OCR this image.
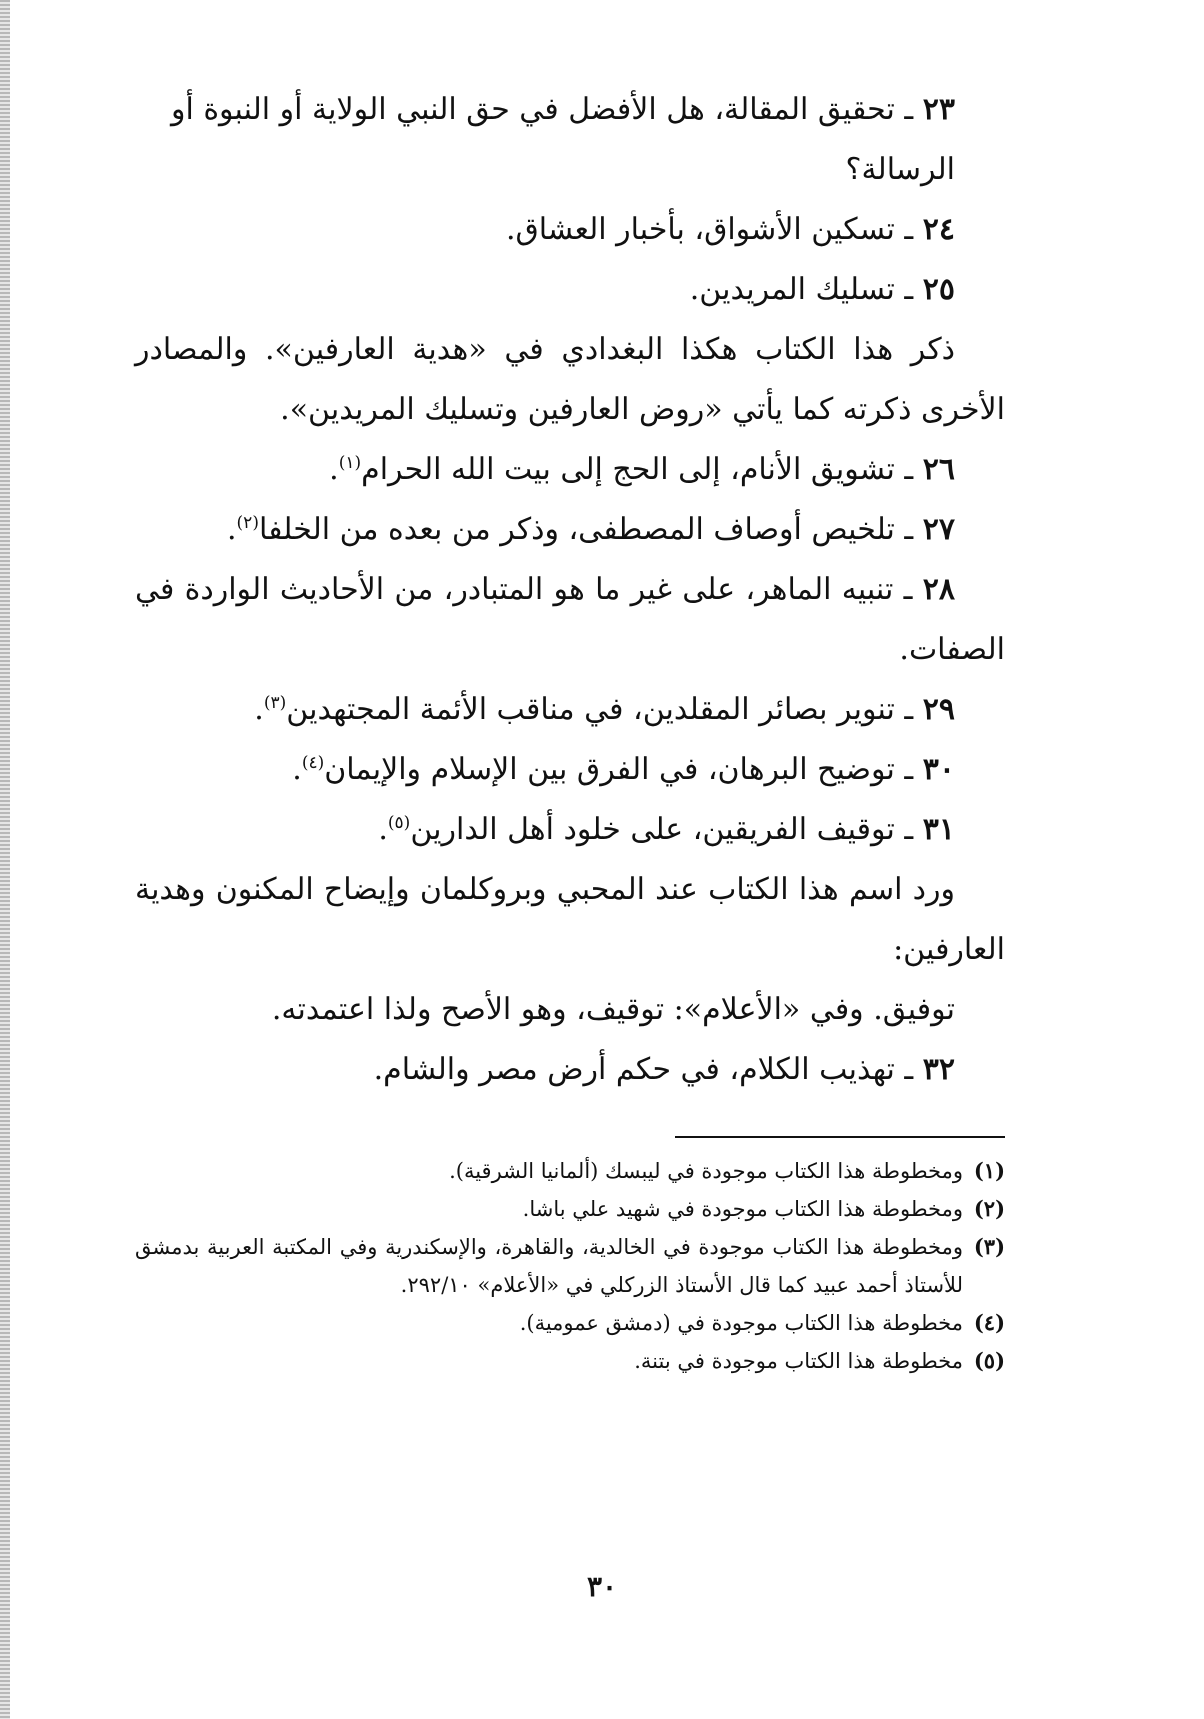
٢٣ ـ تحقيق المقالة، هل الأفضل في حق النبي الولاية أو النبوة أو الرسالة؟

٢٤ ـ تسكين الأشواق، بأخبار العشاق.

٢٥ ـ تسليك المريدين.

ذكر هذا الكتاب هكذا البغدادي في «هدية العارفين». والمصادر الأخرى ذكرته كما يأتي «روض العارفين وتسليك المريدين».

٢٦ ـ تشويق الأنام، إلى الحج إلى بيت الله الحرام$^{(١)}$.

٢٧ ـ تلخيص أوصاف المصطفى، وذكر من بعده من الخلفا$^{(٢)}$.

٢٨ ـ تنبيه الماهر، على غير ما هو المتبادر، من الأحاديث الواردة في الصفات.

٢٩ ـ تنوير بصائر المقلدين، في مناقب الأئمة المجتهدين$^{(٣)}$.

٣٠ ـ توضيح البرهان، في الفرق بين الإسلام والإيمان$^{(٤)}$.

٣١ ـ توقيف الفريقين، على خلود أهل الدارين$^{(٥)}$.

ورد اسم هذا الكتاب عند المحبي وبروكلمان وإيضاح المكنون وهدية العارفين:

توفيق. وفي «الأعلام»: توقيف، وهو الأصح ولذا اعتمدته.

٣٢ ـ تهذيب الكلام، في حكم أرض مصر والشام.

(١)
ومخطوطة هذا الكتاب موجودة في ليبسك (ألمانيا الشرقية).
(٢)
ومخطوطة هذا الكتاب موجودة في شهيد علي باشا.
(٣)
ومخطوطة هذا الكتاب موجودة في الخالدية، والقاهرة، والإسكندرية وفي المكتبة العربية بدمشق للأستاذ أحمد عبيد كما قال الأستاذ الزركلي في «الأعلام» ٢٩٢/١٠.
(٤)
مخطوطة هذا الكتاب موجودة في (دمشق عمومية).
(٥)
مخطوطة هذا الكتاب موجودة في بتنة.
٣٠
